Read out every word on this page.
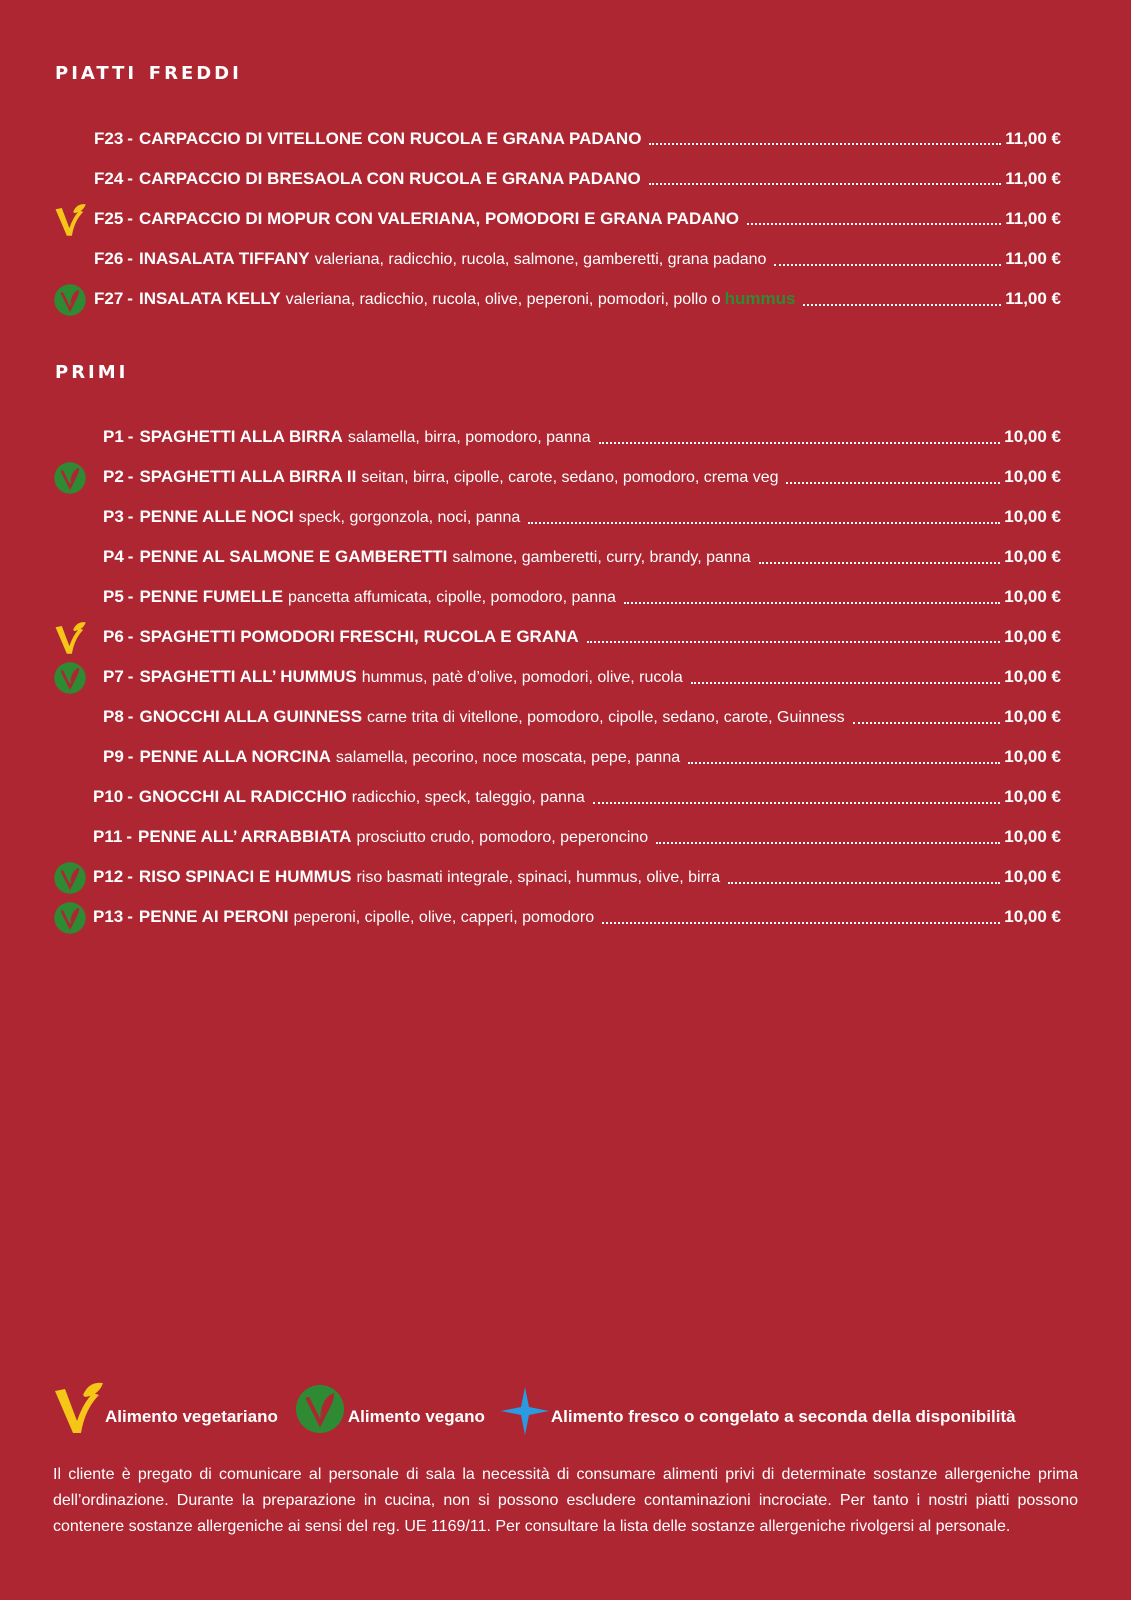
piatti freddi
F23 - CARPACCIO DI VITELLONE CON RUCOLA E GRANA PADANO	11,00 €
F24 - CARPACCIO DI BRESAOLA CON RUCOLA E GRANA PADANO	11,00 €
F25 - CARPACCIO DI MOPUR CON VALERIANA, POMODORI E GRANA PADANO	11,00 €
F26 - INASALATA TIFFANY valeriana, radicchio, rucola, salmone, gamberetti, grana padano	11,00 €
F27 - INSALATA KELLY valeriana, radicchio, rucola, olive, peperoni, pomodori, pollo o hummus	11,00 €
primi
P1 - SPAGHETTI ALLA BIRRA salamella, birra, pomodoro, panna	10,00 €
P2 - SPAGHETTI ALLA BIRRA II seitan, birra, cipolle, carote, sedano, pomodoro, crema veg	10,00 €
P3 - PENNE ALLE NOCI speck, gorgonzola, noci, panna	10,00 €
P4 - PENNE AL SALMONE E GAMBERETTI salmone, gamberetti, curry, brandy, panna	10,00 €
P5 - PENNE FUMELLE pancetta affumicata, cipolle, pomodoro, panna	10,00 €
P6 - SPAGHETTI POMODORI FRESCHI, RUCOLA E GRANA	10,00 €
P7 - SPAGHETTI ALL’ HUMMUS hummus, patè d’olive, pomodori, olive, rucola	10,00 €
P8 - GNOCCHI ALLA GUINNESS carne trita di vitellone, pomodoro, cipolle, sedano, carote, Guinness	10,00 €
P9 - PENNE ALLA NORCINA salamella, pecorino, noce moscata, pepe, panna	10,00 €
P10 - GNOCCHI AL RADICCHIO radicchio, speck, taleggio, panna	10,00 €
P11 - PENNE ALL’ ARRABBIATA prosciutto crudo, pomodoro, peperoncino	10,00 €
P12 - RISO SPINACI E HUMMUS riso basmati integrale, spinaci, hummus, olive, birra	10,00 €
P13 - PENNE AI PERONI peperoni, cipolle, olive, capperi, pomodoro	10,00 €
Alimento vegetariano	Alimento vegano	Alimento fresco o congelato a seconda della disponibilità

Il cliente è pregato di comunicare al personale di sala la necessità di consumare alimenti privi di determinate sostanze allergeniche prima dell’ordinazione. Durante la preparazione in cucina, non si possono escludere contaminazioni incrociate. Per tanto i nostri piatti possono contenere sostanze allergeniche ai sensi del reg. UE 1169/11. Per consultare la lista delle sostanze allergeniche rivolgersi al personale.
